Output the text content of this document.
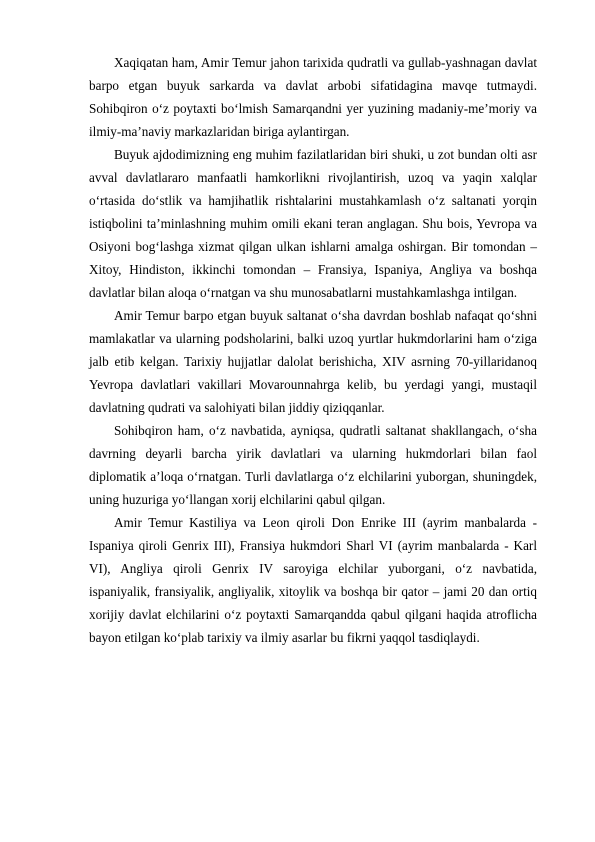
Xaqiqatan ham, Amir Temur jahon tarixida qudratli va gullab-yashnagan davlat barpo etgan buyuk sarkarda va davlat arbobi sifatidagina mavqe tutmaydi. Sohibqiron o‘z poytaxti bo‘lmish Samarqandni yer yuzining madaniy-me’moriy va ilmiy-ma’naviy markazlaridan biriga aylantirgan.

Buyuk ajdodimizning eng muhim fazilatlaridan biri shuki, u zot bundan olti asr avval davlatlararo manfaatli hamkorlikni rivojlantirish, uzoq va yaqin xalqlar o‘rtasida do‘stlik va hamjihatlik rishtalarini mustahkamlash o‘z saltanati yorqin istiqbolini ta’minlashning muhim omili ekani teran anglagan. Shu bois, Yevropa va Osiyoni bog‘lashga xizmat qilgan ulkan ishlarni amalga oshirgan. Bir tomondan – Xitoy, Hindiston, ikkinchi tomondan – Fransiya, Ispaniya, Angliya va boshqa davlatlar bilan aloqa o‘rnatgan va shu munosabatlarni mustahkamlashga intilgan.

Amir Temur barpo etgan buyuk saltanat o‘sha davrdan boshlab nafaqat qo‘shni mamlakatlar va ularning podsholarini, balki uzoq yurtlar hukmdorlarini ham o‘ziga jalb etib kelgan. Tarixiy hujjatlar dalolat berishicha, XIV asrning 70-yillaridanoq Yevropa davlatlari vakillari Movarounnahrga kelib, bu yerdagi yangi, mustaqil davlatning qudrati va salohiyati bilan jiddiy qiziqqanlar.

Sohibqiron ham, o‘z navbatida, ayniqsa, qudratli saltanat shakllangach, o‘sha davrning deyarli barcha yirik davlatlari va ularning hukmdorlari bilan faol diplomatik a’loqa o‘rnatgan. Turli davlatlarga o‘z elchilarini yuborgan, shuningdek, uning huzuriga yo‘llangan xorij elchilarini qabul qilgan.

Amir Temur Kastiliya va Leon qiroli Don Enrike III (ayrim manbalarda - Ispaniya qiroli Genrix III), Fransiya hukmdori Sharl VI (ayrim manbalarda - Karl VI), Angliya qiroli Genrix IV saroyiga elchilar yuborgani, o‘z navbatida, ispaniyalik, fransiyalik, angliyalik, xitoylik va boshqa bir qator – jami 20 dan ortiq xorijiy davlat elchilarini o‘z poytaxti Samarqandda qabul qilgani haqida atroflicha bayon etilgan ko‘plab tarixiy va ilmiy asarlar bu fikrni yaqqol tasdiqlaydi.
